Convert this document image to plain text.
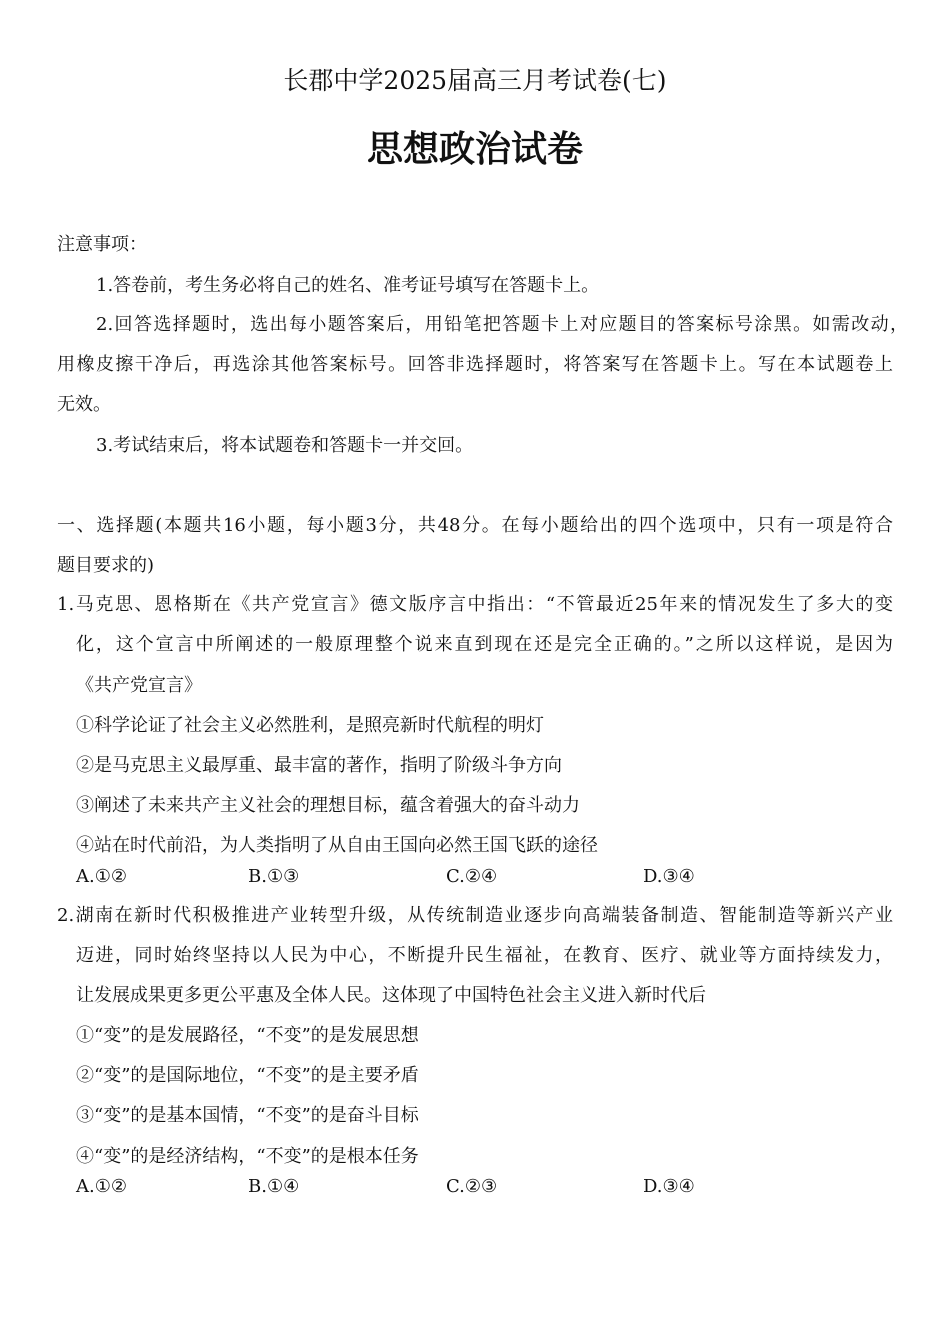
长郡中学2025届高三月考试卷(七)
思想政治试卷
注意事项：
1.答卷前，考生务必将自己的姓名、准考证号填写在答题卡上。
2.回答选择题时，选出每小题答案后，用铅笔把答题卡上对应题目的答案标号涂黑。如需改动，
用橡皮擦干净后，再选涂其他答案标号。回答非选择题时，将答案写在答题卡上。写在本试题卷上
无效。
3.考试结束后，将本试题卷和答题卡一并交回。
一、选择题(本题共16小题，每小题3分，共48分。在每小题给出的四个选项中，只有一项是符合
题目要求的)
1.马克思、恩格斯在《共产党宣言》德文版序言中指出：“不管最近25年来的情况发生了多大的变
化，这个宣言中所阐述的一般原理整个说来直到现在还是完全正确的。”之所以这样说，是因为
《共产党宣言》
①科学论证了社会主义必然胜利，是照亮新时代航程的明灯
②是马克思主义最厚重、最丰富的著作，指明了阶级斗争方向
③阐述了未来共产主义社会的理想目标，蕴含着强大的奋斗动力
④站在时代前沿，为人类指明了从自由王国向必然王国飞跃的途径
A.①②	B.①③	C.②④	D.③④
2.湖南在新时代积极推进产业转型升级，从传统制造业逐步向高端装备制造、智能制造等新兴产业
迈进，同时始终坚持以人民为中心，不断提升民生福祉，在教育、医疗、就业等方面持续发力，
让发展成果更多更公平惠及全体人民。这体现了中国特色社会主义进入新时代后
①“变”的是发展路径，“不变”的是发展思想
②“变”的是国际地位，“不变”的是主要矛盾
③“变”的是基本国情，“不变”的是奋斗目标
④“变”的是经济结构，“不变”的是根本任务
A.①②	B.①④	C.②③	D.③④
